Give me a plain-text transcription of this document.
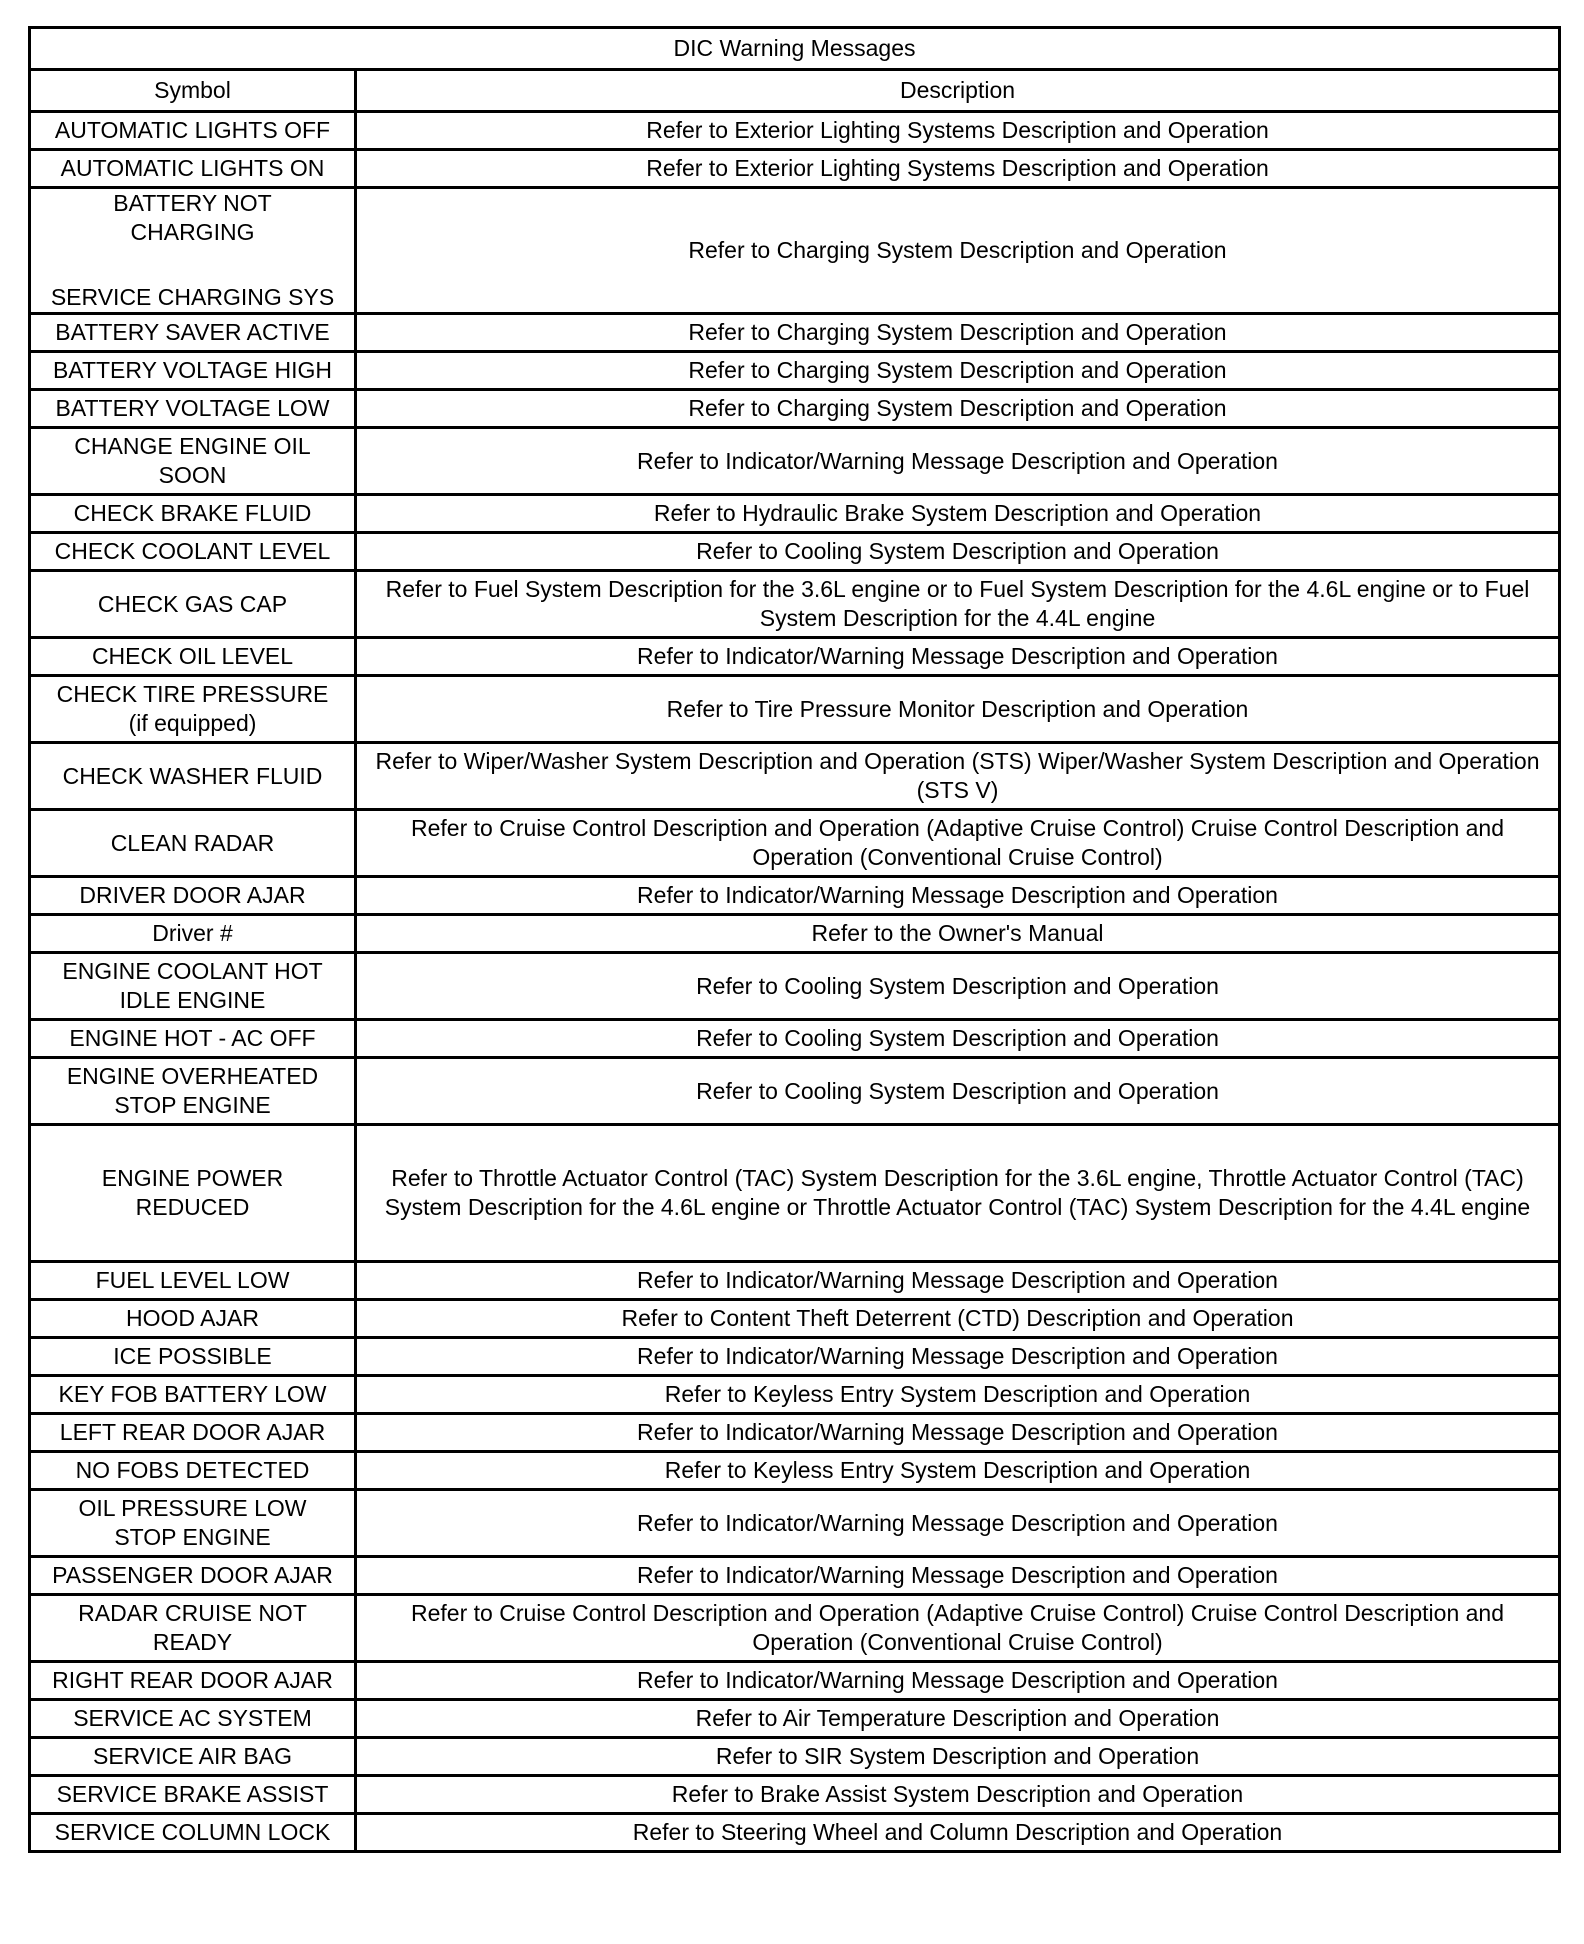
DIC Warning Messages	
Symbol	Description

AUTOMATIC LIGHTS OFF	Refer to Exterior Lighting Systems Description and Operation

AUTOMATIC LIGHTS ON	Refer to Exterior Lighting Systems Description and Operation

BATTERY NOT
CHARGING
SERVICE CHARGING SYS	Refer to Charging System Description and Operation

BATTERY SAVER ACTIVE	Refer to Charging System Description and Operation

BATTERY VOLTAGE HIGH	Refer to Charging System Description and Operation

BATTERY VOLTAGE LOW	Refer to Charging System Description and Operation

CHANGE ENGINE OIL
SOON	Refer to Indicator/Warning Message Description and Operation

CHECK BRAKE FLUID	Refer to Hydraulic Brake System Description and Operation

CHECK COOLANT LEVEL	Refer to Cooling System Description and Operation

CHECK GAS CAP	Refer to Fuel System Description for the 3.6L engine or to Fuel System Description for the 4.6L engine or to Fuel System Description for the 4.4L engine

CHECK OIL LEVEL	Refer to Indicator/Warning Message Description and Operation

CHECK TIRE PRESSURE
(if equipped)	Refer to Tire Pressure Monitor Description and Operation

CHECK WASHER FLUID	Refer to Wiper/Washer System Description and Operation (STS) Wiper/Washer System Description and Operation (STS V)

CLEAN RADAR	Refer to Cruise Control Description and Operation (Adaptive Cruise Control) Cruise Control Description and Operation (Conventional Cruise Control)

DRIVER DOOR AJAR	Refer to Indicator/Warning Message Description and Operation

Driver #	Refer to the Owner's Manual

ENGINE COOLANT HOT
IDLE ENGINE	Refer to Cooling System Description and Operation

ENGINE HOT - AC OFF	Refer to Cooling System Description and Operation

ENGINE OVERHEATED
STOP ENGINE	Refer to Cooling System Description and Operation

ENGINE POWER
REDUCED	Refer to Throttle Actuator Control (TAC) System Description for the 3.6L engine, Throttle Actuator Control (TAC) System Description for the 4.6L engine or Throttle Actuator Control (TAC) System Description for the 4.4L engine

FUEL LEVEL LOW	Refer to Indicator/Warning Message Description and Operation

HOOD AJAR	Refer to Content Theft Deterrent (CTD) Description and Operation

ICE POSSIBLE	Refer to Indicator/Warning Message Description and Operation

KEY FOB BATTERY LOW	Refer to Keyless Entry System Description and Operation

LEFT REAR DOOR AJAR	Refer to Indicator/Warning Message Description and Operation

NO FOBS DETECTED	Refer to Keyless Entry System Description and Operation

OIL PRESSURE LOW
STOP ENGINE	Refer to Indicator/Warning Message Description and Operation

PASSENGER DOOR AJAR	Refer to Indicator/Warning Message Description and Operation

RADAR CRUISE NOT
READY	Refer to Cruise Control Description and Operation (Adaptive Cruise Control) Cruise Control Description and Operation (Conventional Cruise Control)

RIGHT REAR DOOR AJAR	Refer to Indicator/Warning Message Description and Operation

SERVICE AC SYSTEM	Refer to Air Temperature Description and Operation

SERVICE AIR BAG	Refer to SIR System Description and Operation

SERVICE BRAKE ASSIST	Refer to Brake Assist System Description and Operation

SERVICE COLUMN LOCK	Refer to Steering Wheel and Column Description and Operation
